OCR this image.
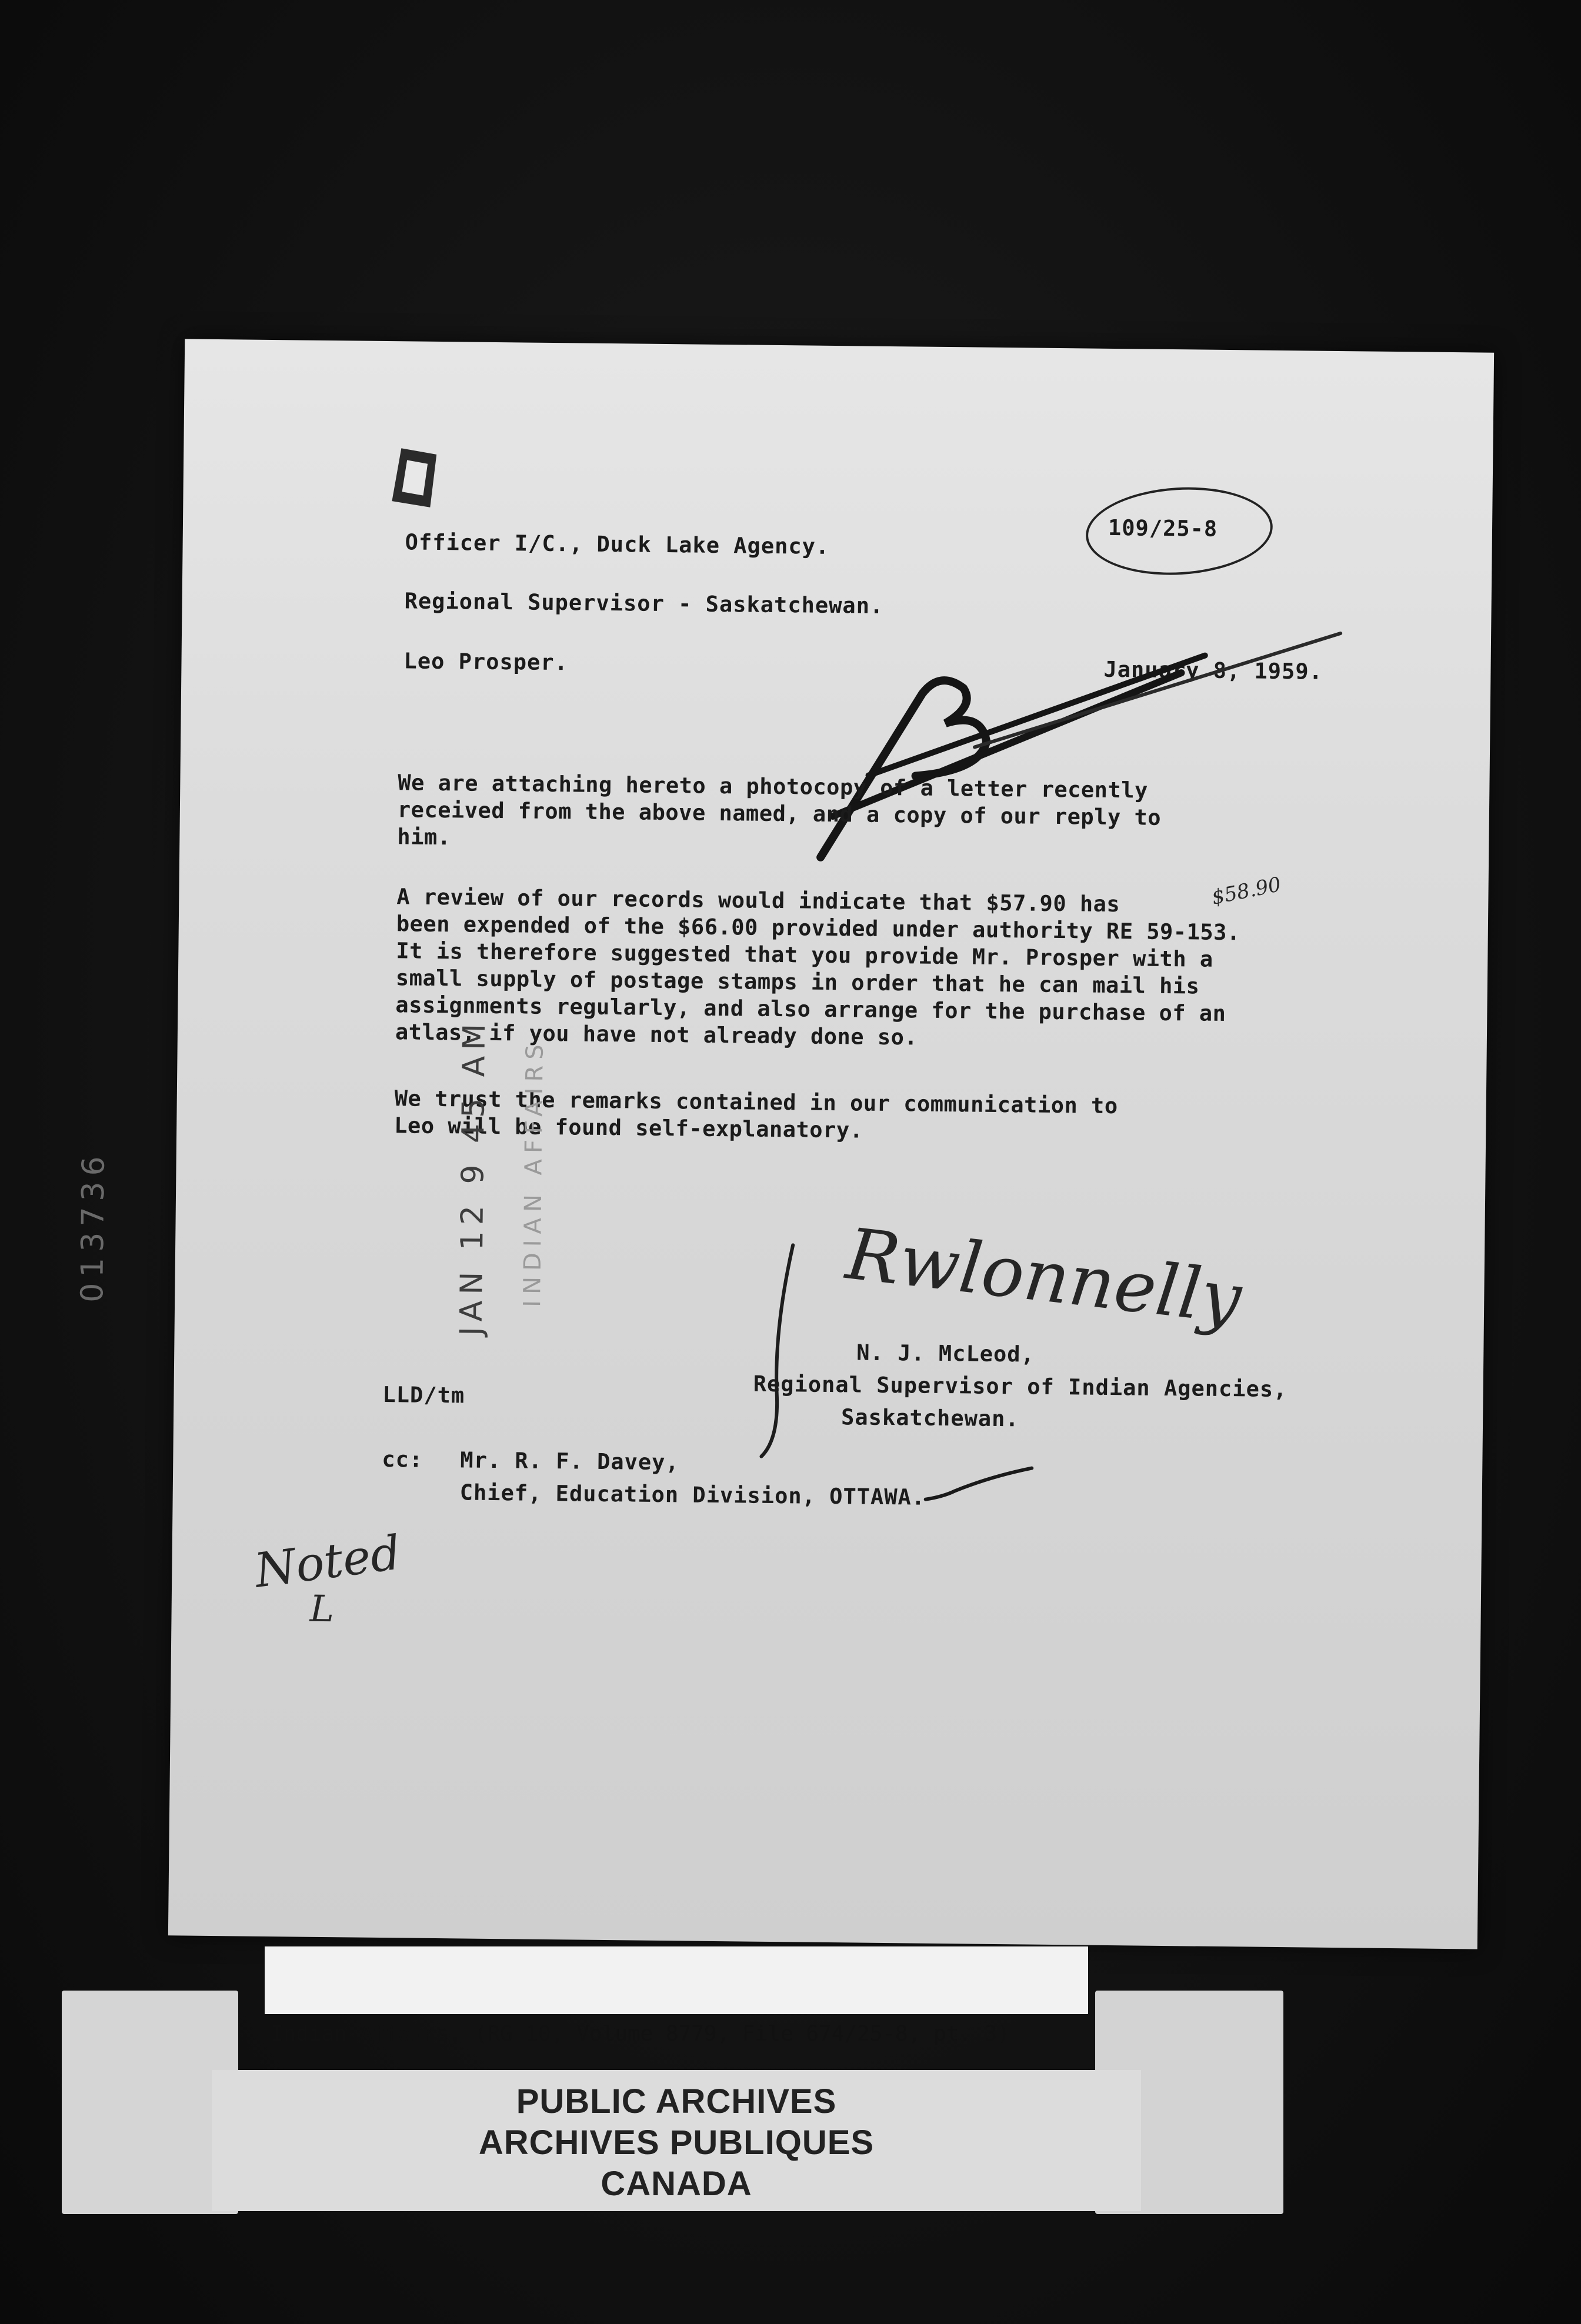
Officer I/C., Duck Lake Agency.
Regional Supervisor - Saskatchewan.
Leo Prosper.
109/25-8
January 8, 1959.
We are attaching hereto a photocopy of a letter recently
received from the above named, and a copy of our reply to
him.
A review of our records would indicate that $57.90 has
been expended of the $66.00 provided under authority RE 59-153.
It is therefore suggested that you provide Mr. Prosper with a
small supply of postage stamps in order that he can mail his
assignments regularly, and also arrange for the purchase of an
atlas, if you have not already done so.
We trust the remarks contained in our communication to
Leo will be found self-explanatory.
$58.90
JAN 12 9 45 AM INDIAN AFFAIRS
013736	Rwlonnelly
N. J. McLeod,
Regional Supervisor of Indian Agencies,
Saskatchewan.
LLD/tm
cc: Mr. R. F. Davey,
Chief, Education Division, OTTAWA.
Noted
L
Indian Affairs. (RG 10, Volume 8779, File 674/25-8, pt. 3)
PUBLIC ARCHIVES
ARCHIVES PUBLIQUES
CANADA
